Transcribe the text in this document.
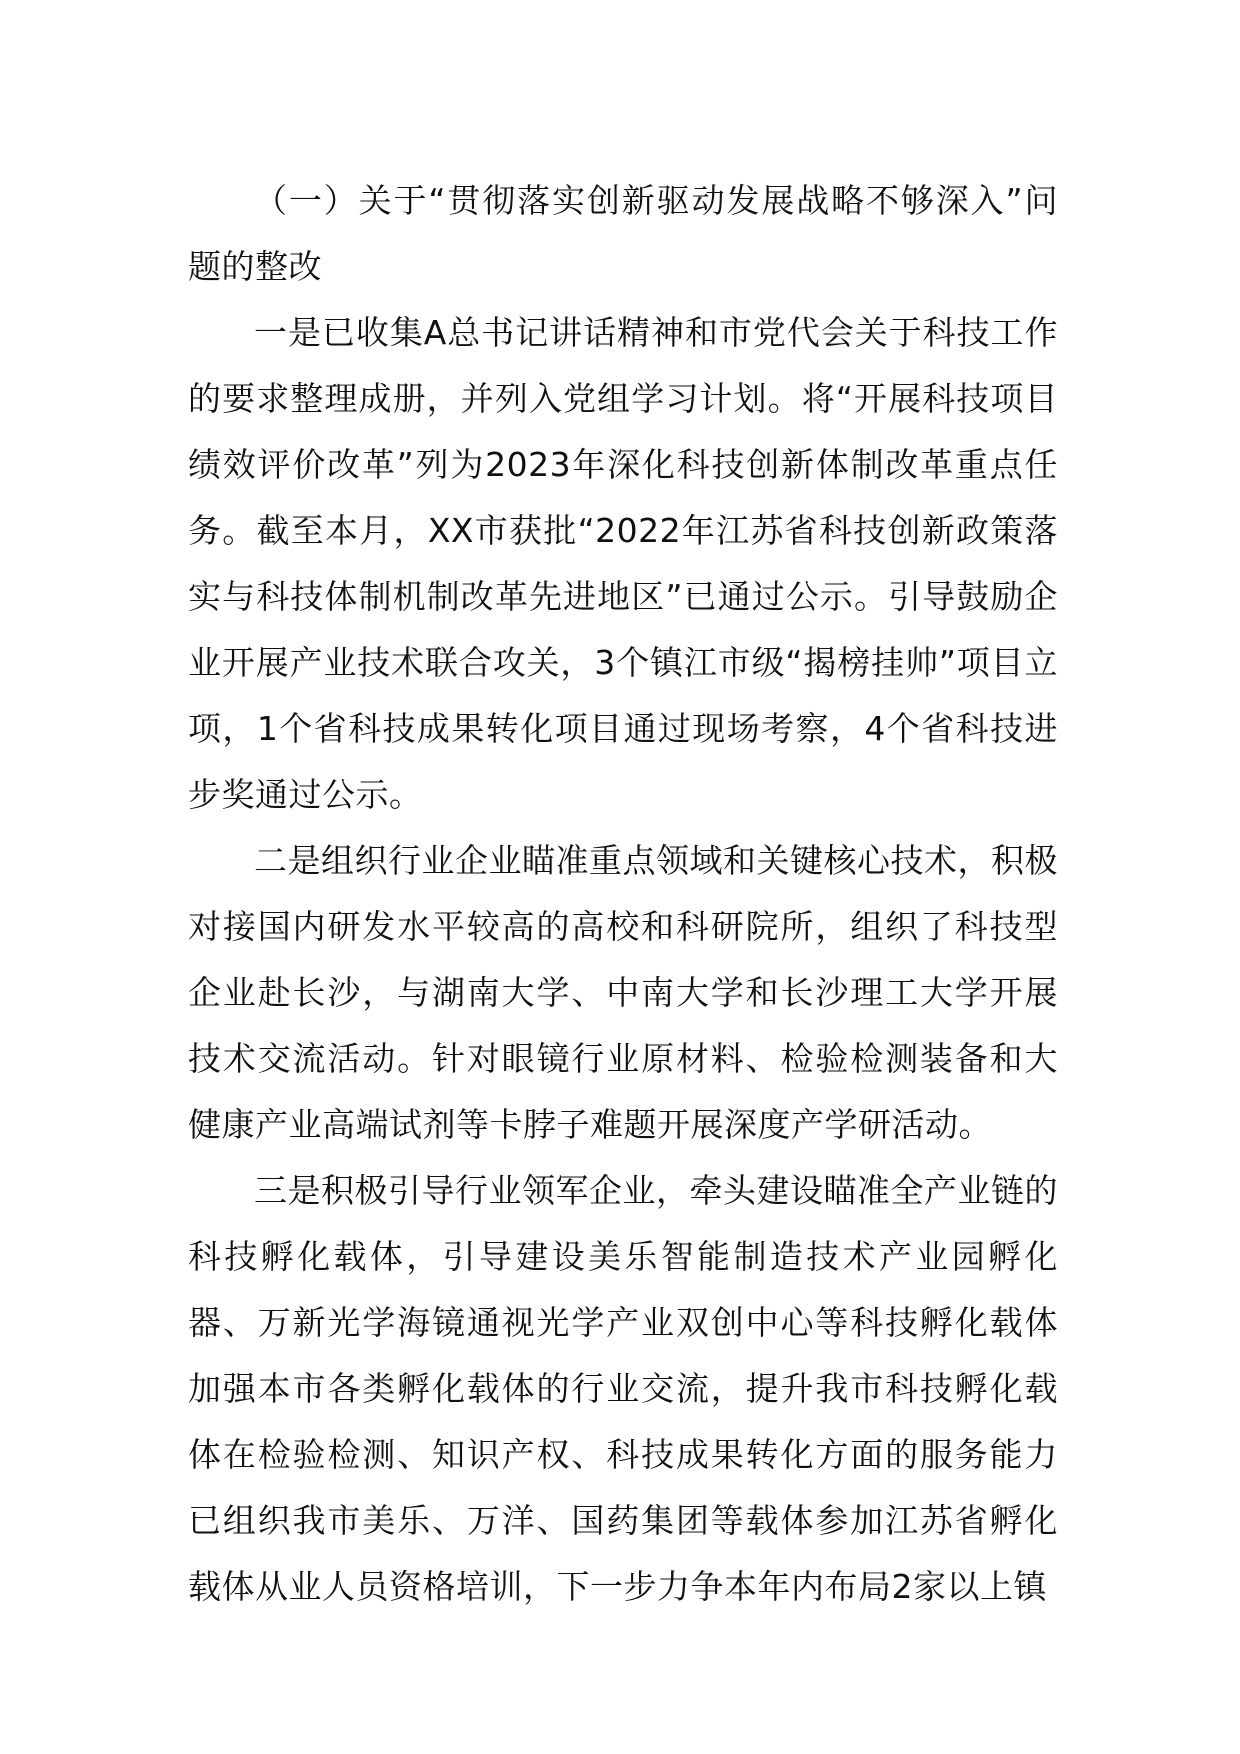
（一）关于“贯彻落实创新驱动发展战略不够深入”问题的整改

一是已收集A总书记讲话精神和市党代会关于科技工作的要求整理成册，并列入党组学习计划。将“开展科技项目绩效评价改革”列为2023年深化科技创新体制改革重点任务。截至本月，XX市获批“2022年江苏省科技创新政策落实与科技体制机制改革先进地区”已通过公示。引导鼓励企业开展产业技术联合攻关，3个镇江市级“揭榜挂帅”项目立项，1个省科技成果转化项目通过现场考察，4个省科技进步奖通过公示。

二是组织行业企业瞄准重点领域和关键核心技术，积极对接国内研发水平较高的高校和科研院所，组织了科技型企业赴长沙，与湖南大学、中南大学和长沙理工大学开展技术交流活动。针对眼镜行业原材料、检验检测装备和大健康产业高端试剂等卡脖子难题开展深度产学研活动。

三是积极引导行业领军企业，牵头建设瞄准全产业链的科技孵化载体，引导建设美乐智能制造技术产业园孵化器、万新光学海镜通视光学产业双创中心等科技孵化载体加强本市各类孵化载体的行业交流，提升我市科技孵化载体在检验检测、知识产权、科技成果转化方面的服务能力已组织我市美乐、万洋、国药集团等载体参加江苏省孵化载体从业人员资格培训，下一步力争本年内布局2家以上镇
